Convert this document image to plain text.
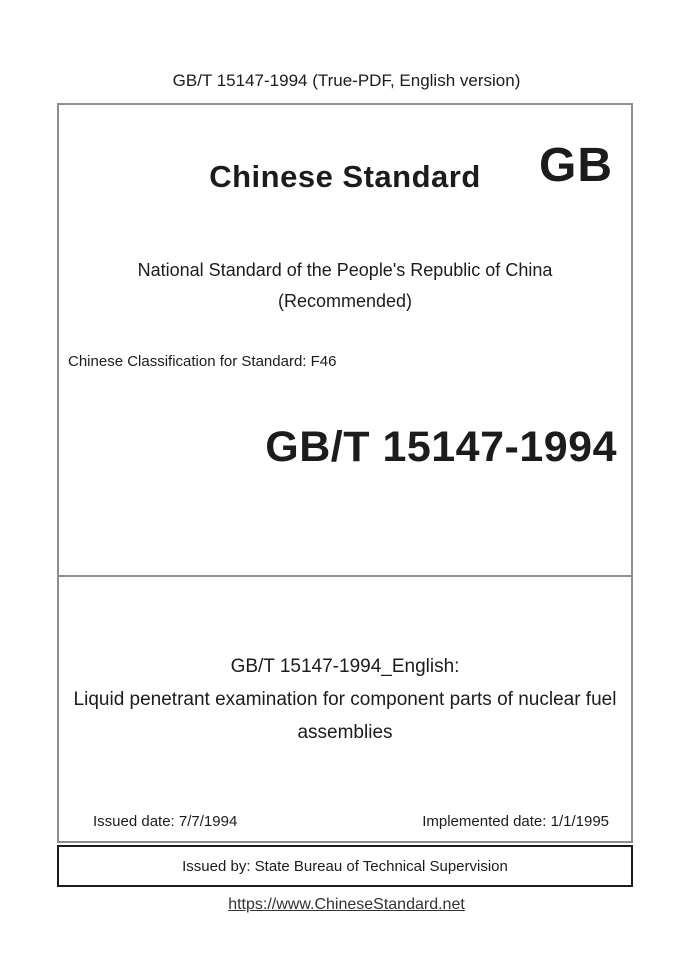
GB/T 15147-1994 (True-PDF, English version)
Chinese Standard	GB
National Standard of the People's Republic of China
(Recommended)
Chinese Classification for Standard: F46
GB/T 15147-1994
GB/T 15147-1994_English:
Liquid penetrant examination for component parts of nuclear fuel assemblies
Issued date: 7/7/1994	Implemented date: 1/1/1995
Issued by: State Bureau of Technical Supervision
https://www.ChineseStandard.net
